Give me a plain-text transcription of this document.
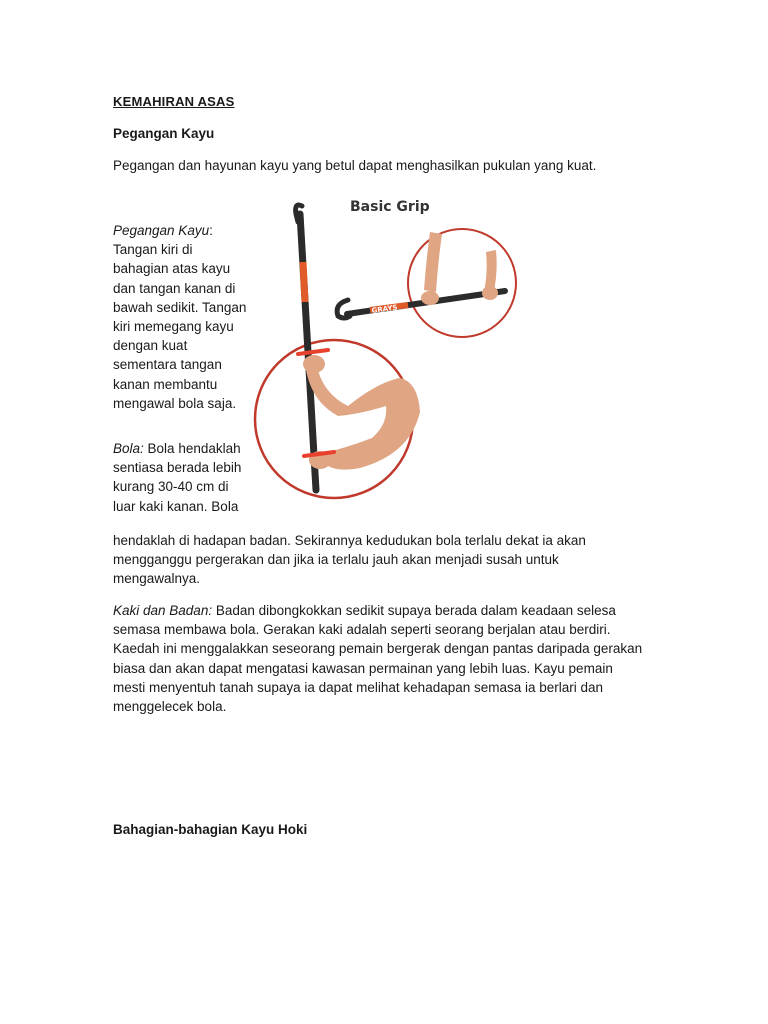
KEMAHIRAN ASAS
Pegangan Kayu

Pegangan dan hayunan kayu yang betul dapat menghasilkan pukulan yang kuat.

Pegangan Kayu: Tangan kiri di bahagian atas kayu dan tangan kanan di bawah sedikit. Tangan kiri memegang kayu dengan kuat sementara tangan kanan membantu mengawal bola saja.

Bola: Bola hendaklah sentiasa berada lebih kurang 30-40 cm di luar kaki kanan. Bola

hendaklah di hadapan badan. Sekirannya kedudukan bola terlalu dekat ia akan mengganggu pergerakan dan jika ia terlalu jauh akan menjadi susah untuk mengawalnya.

Kaki dan Badan: Badan dibongkokkan sedikit supaya berada dalam keadaan selesa semasa membawa bola. Gerakan kaki adalah seperti seorang berjalan atau berdiri. Kaedah ini menggalakkan seseorang pemain bergerak dengan pantas daripada gerakan biasa dan akan dapat mengatasi kawasan permainan yang lebih luas. Kayu pemain mesti menyentuh tanah supaya ia dapat melihat kehadapan semasa ia berlari dan menggelecek bola.

Bahagian-bahagian Kayu Hoki
Basic Grip
GRAYS
